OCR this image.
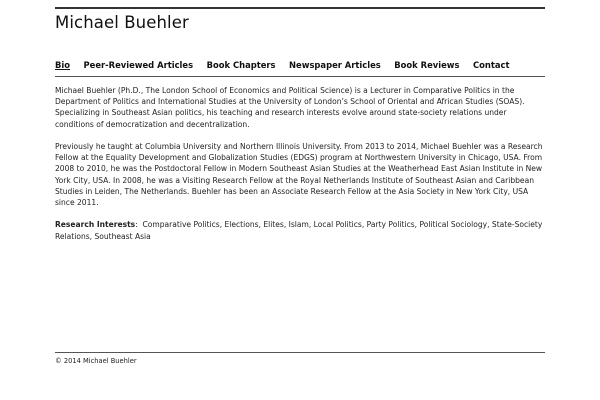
Michael Buehler
Bio Peer-Reviewed Articles Book Chapters Newspaper Articles Book Reviews Contact

Michael Buehler (Ph.D., The London School of Economics and Political Science) is a Lecturer in Comparative Politics in the Department of Politics and International Studies at the University of London’s School of Oriental and African Studies (SOAS). Specializing in Southeast Asian politics, his teaching and research interests evolve around state-society relations under conditions of democratization and decentralization.

Previously he taught at Columbia University and Northern Illinois University. From 2013 to 2014, Michael Buehler was a Research Fellow at the Equality Development and Globalization Studies (EDGS) program at Northwestern University in Chicago, USA. From 2008 to 2010, he was the Postdoctoral Fellow in Modern Southeast Asian Studies at the Weatherhead East Asian Institute in New York City, USA. In 2008, he was a Visiting Research Fellow at the Royal Netherlands Institute of Southeast Asian and Caribbean Studies in Leiden, The Netherlands. Buehler has been an Associate Research Fellow at the Asia Society in New York City, USA since 2011.

Research Interests: Comparative Politics, Elections, Elites, Islam, Local Politics, Party Politics, Political Sociology, State-Society Relations, Southeast Asia

© 2014 Michael Buehler
